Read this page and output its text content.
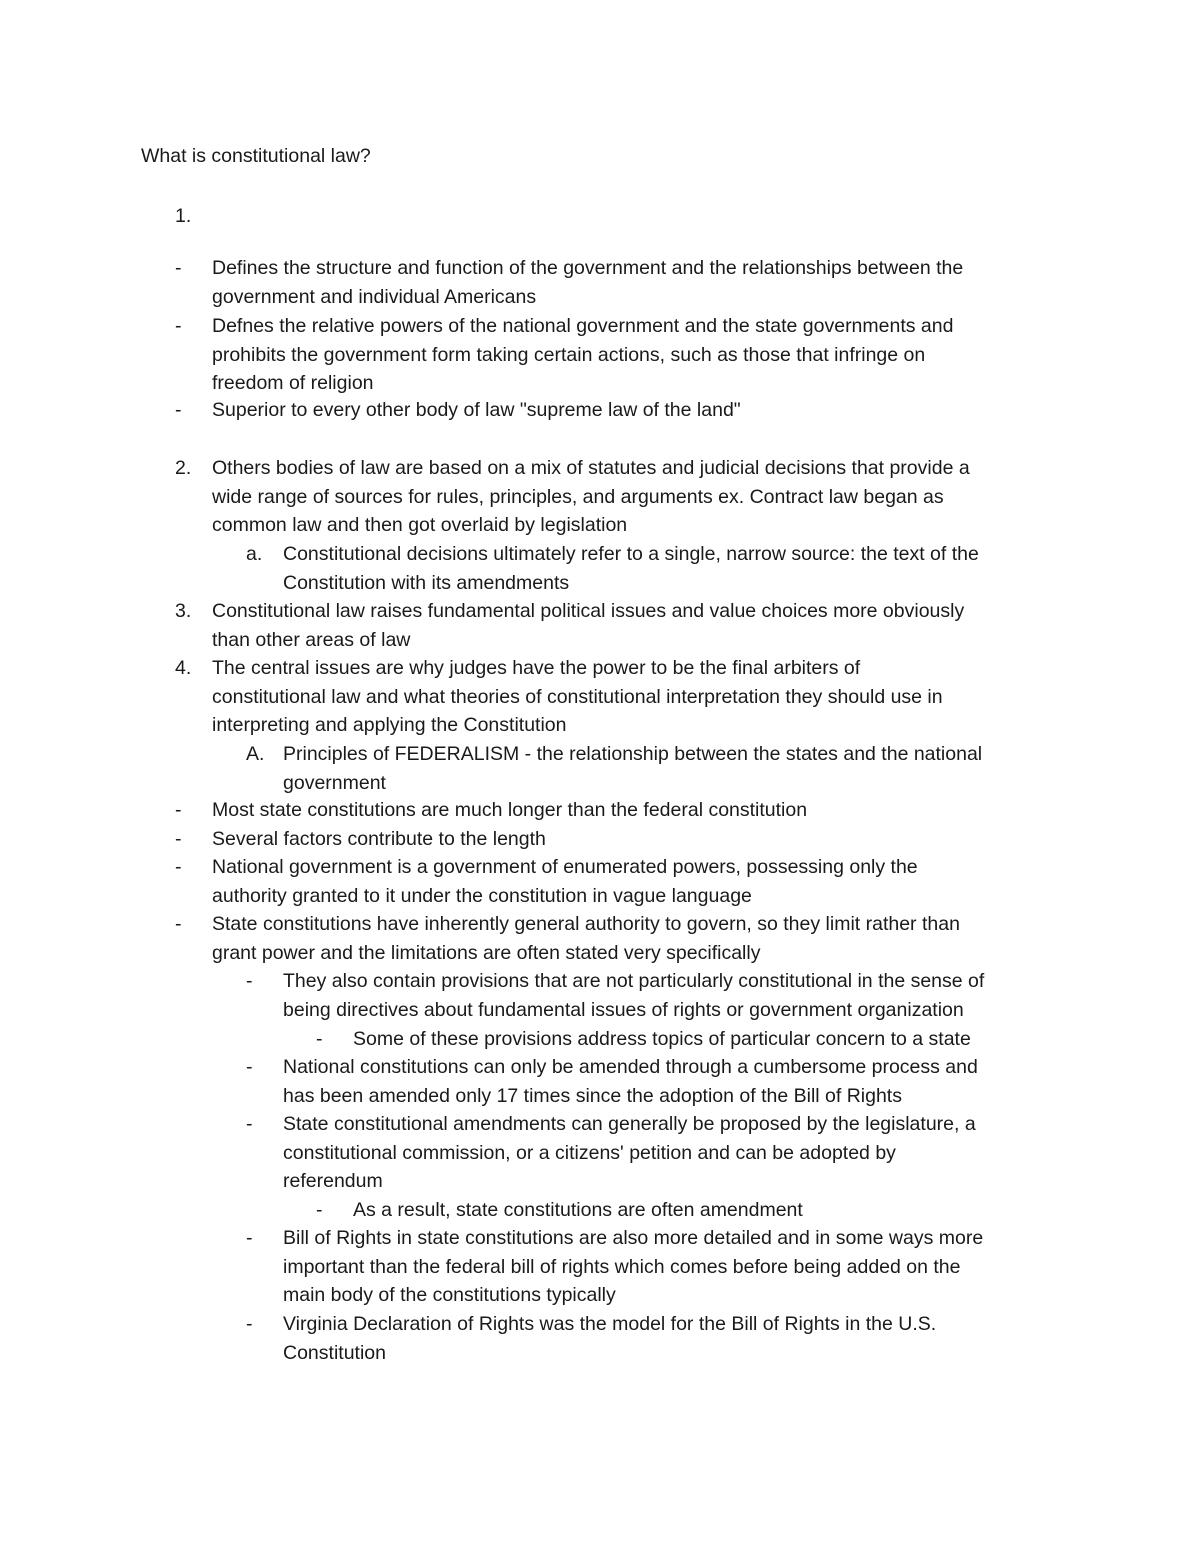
What is constitutional law?
1.
- Defines the structure and function of the government and the relationships between the
government and individual Americans
- Defnes the relative powers of the national government and the state governments and
prohibits the government form taking certain actions, such as those that infringe on
freedom of religion
- Superior to every other body of law "supreme law of the land"
2. Others bodies of law are based on a mix of statutes and judicial decisions that provide a
wide range of sources for rules, principles, and arguments ex. Contract law began as
common law and then got overlaid by legislation
a. Constitutional decisions ultimately refer to a single, narrow source: the text of the
Constitution with its amendments
3. Constitutional law raises fundamental political issues and value choices more obviously
than other areas of law
4. The central issues are why judges have the power to be the final arbiters of
constitutional law and what theories of constitutional interpretation they should use in
interpreting and applying the Constitution
A. Principles of FEDERALISM - the relationship between the states and the national
government
- Most state constitutions are much longer than the federal constitution
- Several factors contribute to the length
- National government is a government of enumerated powers, possessing only the
authority granted to it under the constitution in vague language
- State constitutions have inherently general authority to govern, so they limit rather than
grant power and the limitations are often stated very specifically
- They also contain provisions that are not particularly constitutional in the sense of
being directives about fundamental issues of rights or government organization
- Some of these provisions address topics of particular concern to a state
- National constitutions can only be amended through a cumbersome process and
has been amended only 17 times since the adoption of the Bill of Rights
- State constitutional amendments can generally be proposed by the legislature, a
constitutional commission, or a citizens' petition and can be adopted by
referendum
- As a result, state constitutions are often amendment
- Bill of Rights in state constitutions are also more detailed and in some ways more
important than the federal bill of rights which comes before being added on the
main body of the constitutions typically
- Virginia Declaration of Rights was the model for the Bill of Rights in the U.S.
Constitution
